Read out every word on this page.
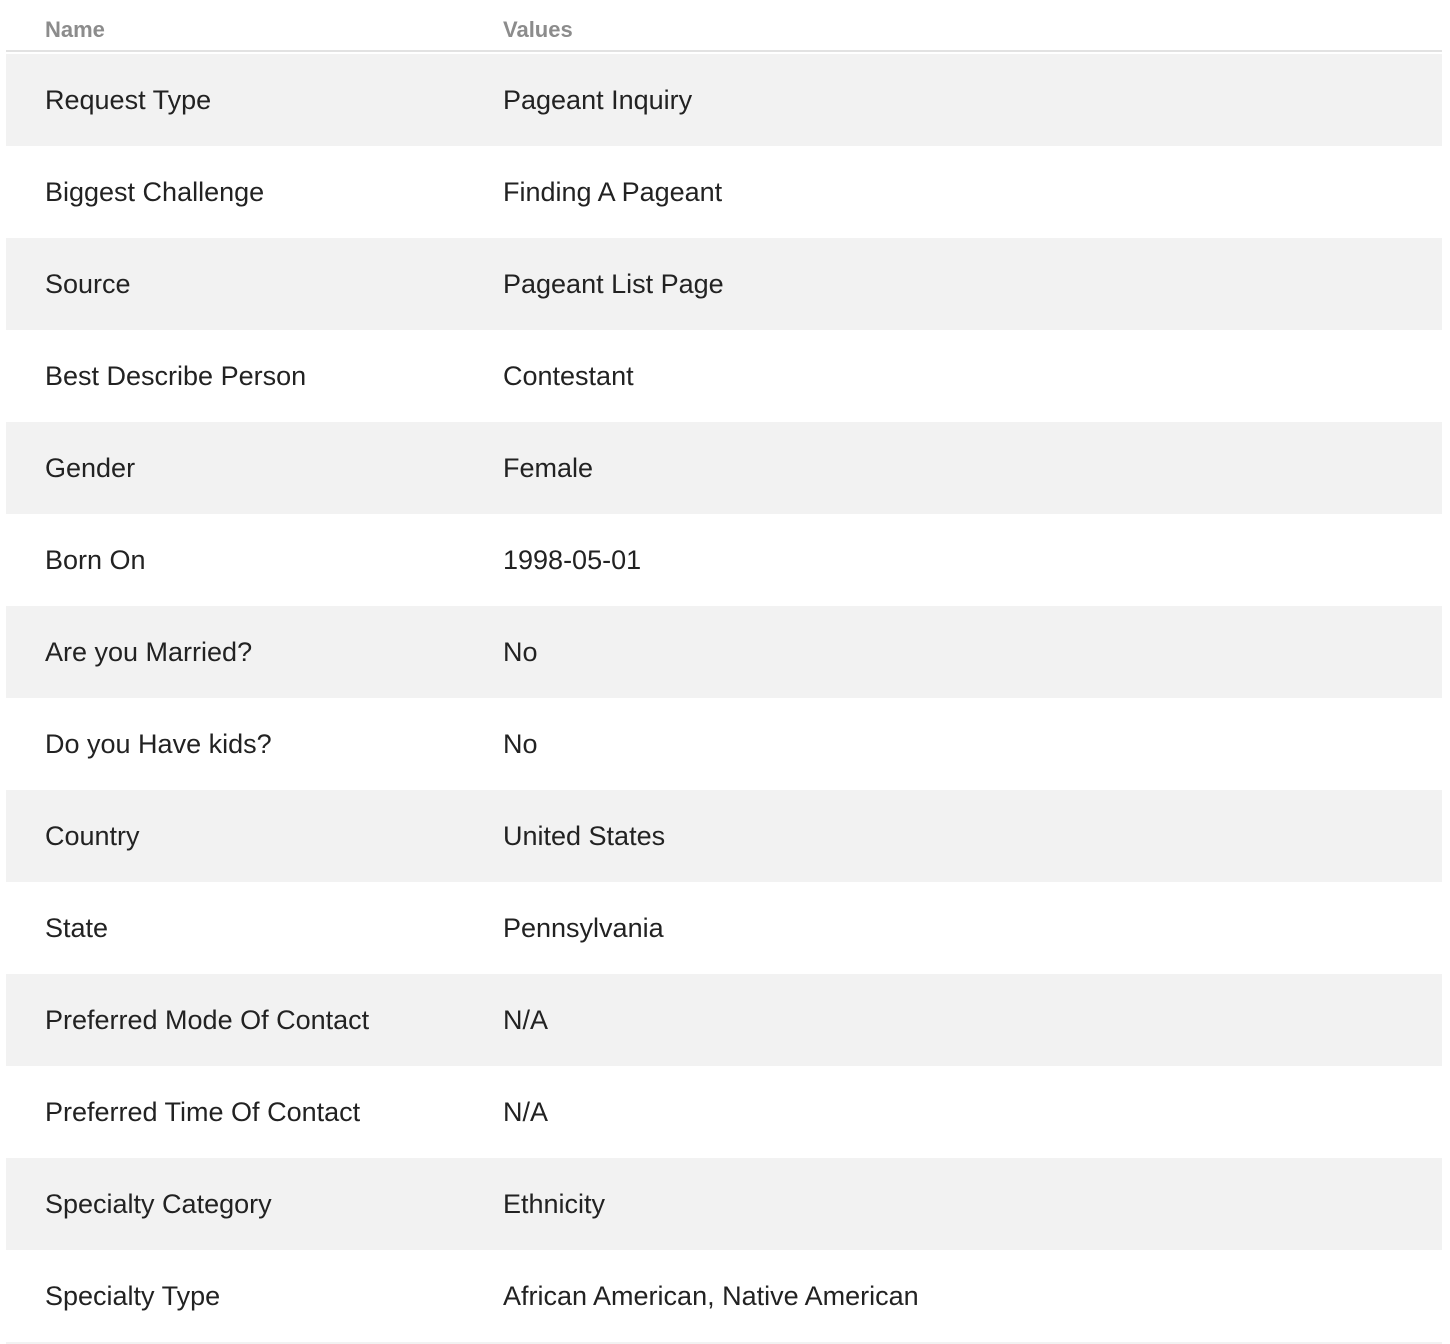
Name	Values
Request Type	Pageant Inquiry
Biggest Challenge	Finding A Pageant
Source	Pageant List Page
Best Describe Person	Contestant
Gender	Female
Born On	1998-05-01
Are you Married?	No
Do you Have kids?	No
Country	United States
State	Pennsylvania
Preferred Mode Of Contact	N/A
Preferred Time Of Contact	N/A
Specialty Category	Ethnicity
Specialty Type	African American, Native American
